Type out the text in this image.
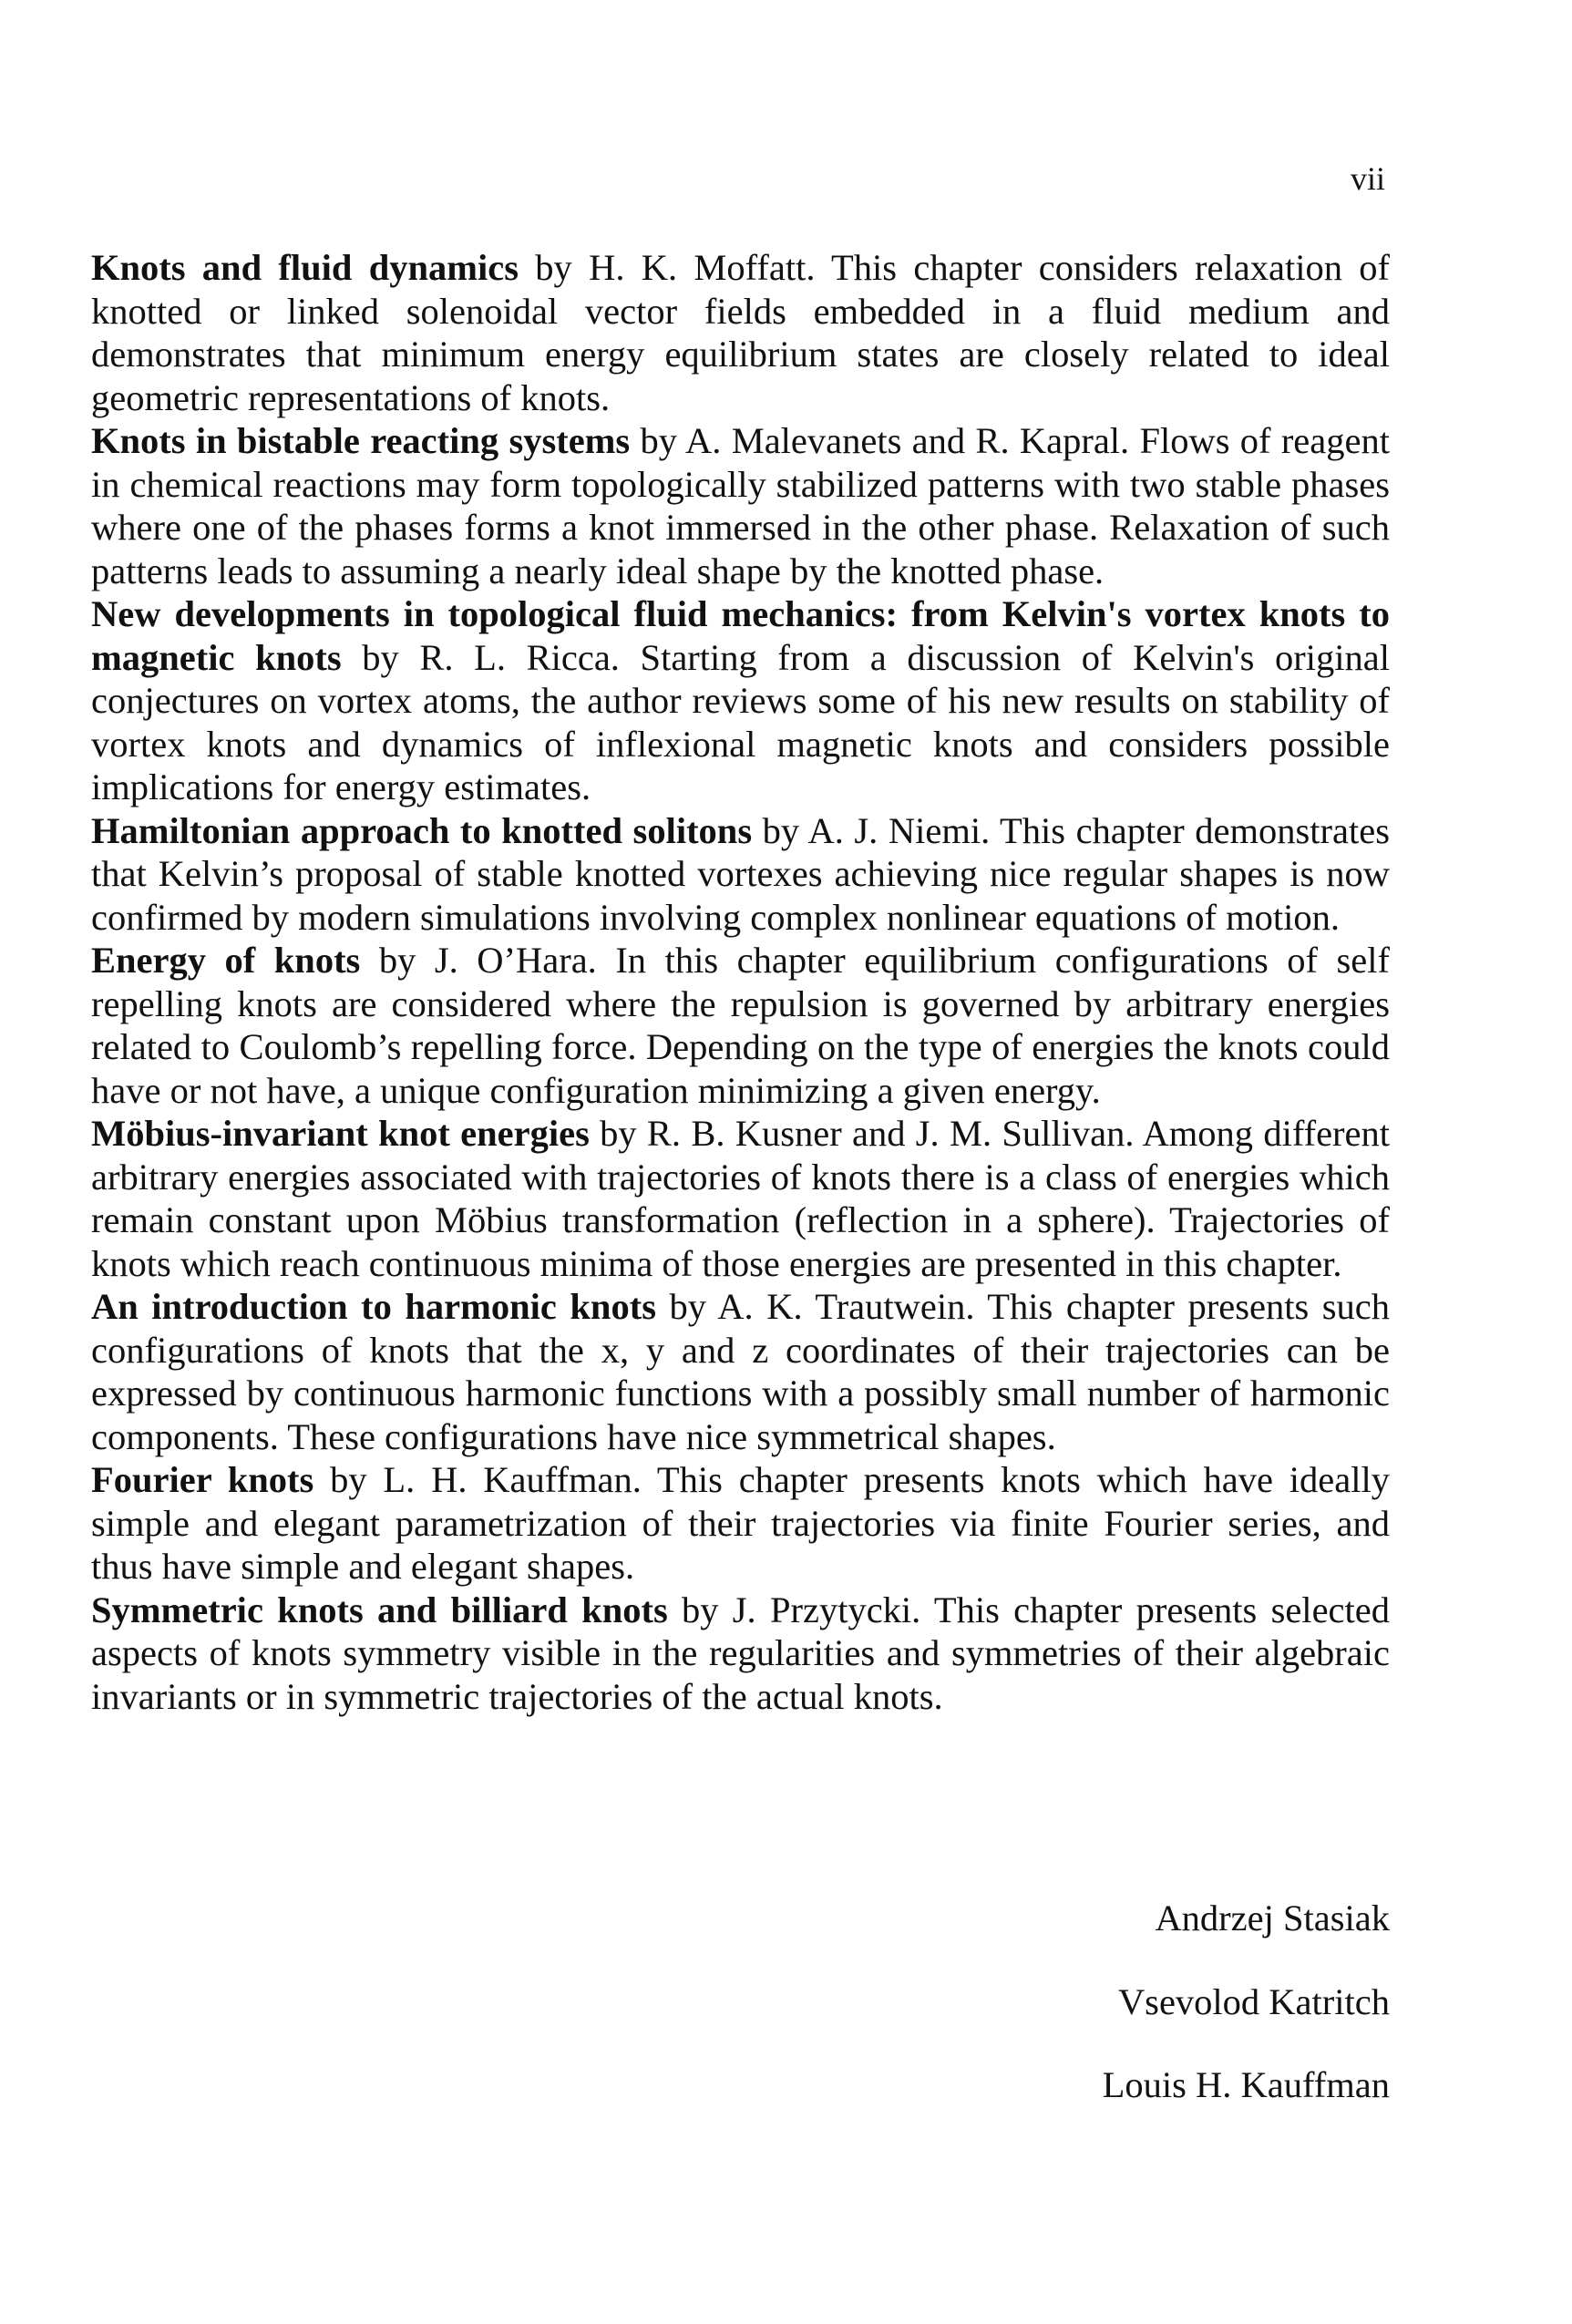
vii

Knots and fluid dynamics by H. K. Moffatt. This chapter considers relaxation of knotted or linked solenoidal vector fields embedded in a fluid medium and demonstrates that minimum energy equilibrium states are closely related to ideal geometric representations of knots.

Knots in bistable reacting systems by A. Malevanets and R. Kapral. Flows of reagent in chemical reactions may form topologically stabilized patterns with two stable phases where one of the phases forms a knot immersed in the other phase. Relaxation of such patterns leads to assuming a nearly ideal shape by the knotted phase.

New developments in topological fluid mechanics: from Kelvin's vortex knots to magnetic knots by R. L. Ricca. Starting from a discussion of Kelvin's original conjectures on vortex atoms, the author reviews some of his new results on stability of vortex knots and dynamics of inflexional magnetic knots and considers possible implications for energy estimates.

Hamiltonian approach to knotted solitons by A. J. Niemi. This chapter demonstrates that Kelvin’s proposal of stable knotted vortexes achieving nice regular shapes is now confirmed by modern simulations involving complex nonlinear equations of motion.

Energy of knots by J. O’Hara. In this chapter equilibrium configurations of self repelling knots are considered where the repulsion is governed by arbitrary energies related to Coulomb’s repelling force. Depending on the type of energies the knots could have or not have, a unique configuration minimizing a given energy.

Möbius-invariant knot energies by R. B. Kusner and J. M. Sullivan. Among different arbitrary energies associated with trajectories of knots there is a class of energies which remain constant upon Möbius transformation (reflection in a sphere). Trajectories of knots which reach continuous minima of those energies are presented in this chapter.

An introduction to harmonic knots by A. K. Trautwein. This chapter presents such configurations of knots that the x, y and z coordinates of their trajectories can be expressed by continuous harmonic functions with a possibly small number of harmonic components. These configurations have nice symmetrical shapes.

Fourier knots by L. H. Kauffman. This chapter presents knots which have ideally simple and elegant parametrization of their trajectories via finite Fourier series, and thus have simple and elegant shapes.

Symmetric knots and billiard knots by J. Przytycki. This chapter presents selected aspects of knots symmetry visible in the regularities and symmetries of their algebraic invariants or in symmetric trajectories of the actual knots.

Andrzej Stasiak
Vsevolod Katritch
Louis H. Kauffman
